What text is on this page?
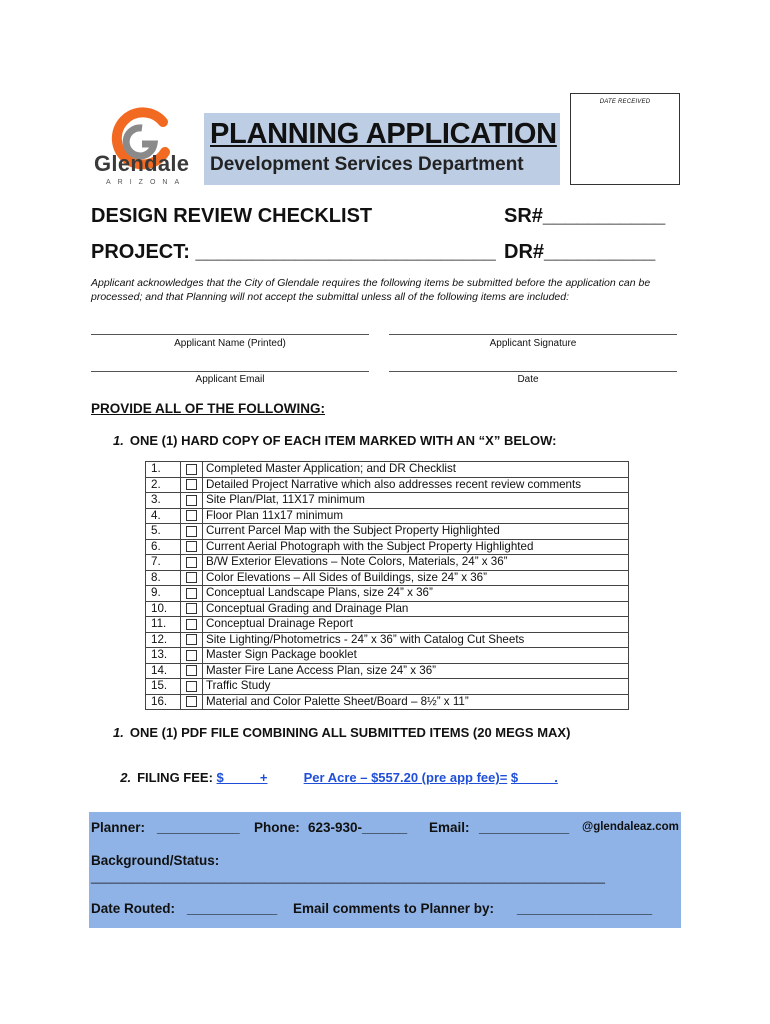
DATE RECEIVED
Glendale
ARIZONA
PLANNING APPLICATION
Development Services Department
DESIGN REVIEW CHECKLIST	SR#___________
PROJECT: ___________________________ DR#__________
Applicant acknowledges that the City of Glendale requires the following items be submitted before the application can be processed; and that Planning will not accept the submittal unless all of the following items are included:
Applicant Name (Printed)	Applicant Signature
Applicant Email	Date
PROVIDE ALL OF THE FOLLOWING:
1. ONE (1) HARD COPY OF EACH ITEM MARKED WITH AN “X” BELOW:
1.		Completed Master Application; and DR Checklist
2.		Detailed Project Narrative which also addresses recent review comments
3.		Site Plan/Plat, 11X17 minimum
4.		Floor Plan 11x17 minimum
5.		Current Parcel Map with the Subject Property Highlighted
6.		Current Aerial Photograph with the Subject Property Highlighted
7.		B/W Exterior Elevations – Note Colors, Materials, 24” x 36”
8.		Color Elevations – All Sides of Buildings, size 24” x 36”
9.		Conceptual Landscape Plans, size 24” x 36”
10.		Conceptual Grading and Drainage Plan
11.		Conceptual Drainage Report
12.		Site Lighting/Photometrics - 24” x 36” with Catalog Cut Sheets
13.		Master Sign Package booklet
14.		Master Fire Lane Access Plan, size 24” x 36”
15.		Traffic Study
16.		Material and Color Palette Sheet/Board – 8½” x 11”
1. ONE (1) PDF FILE COMBINING ALL SUBMITTED ITEMS (20 MEGS MAX)

2. FILING FEE: $          +	Per Acre – $557.20 (pre app fee)= $          .

Planner: ___________ Phone: 623-930-______ Email: ____________ @glendaleaz.com
Background/Status:
_____________________________________________________________________________
Date Routed: ____________ Email comments to Planner by: __________________
